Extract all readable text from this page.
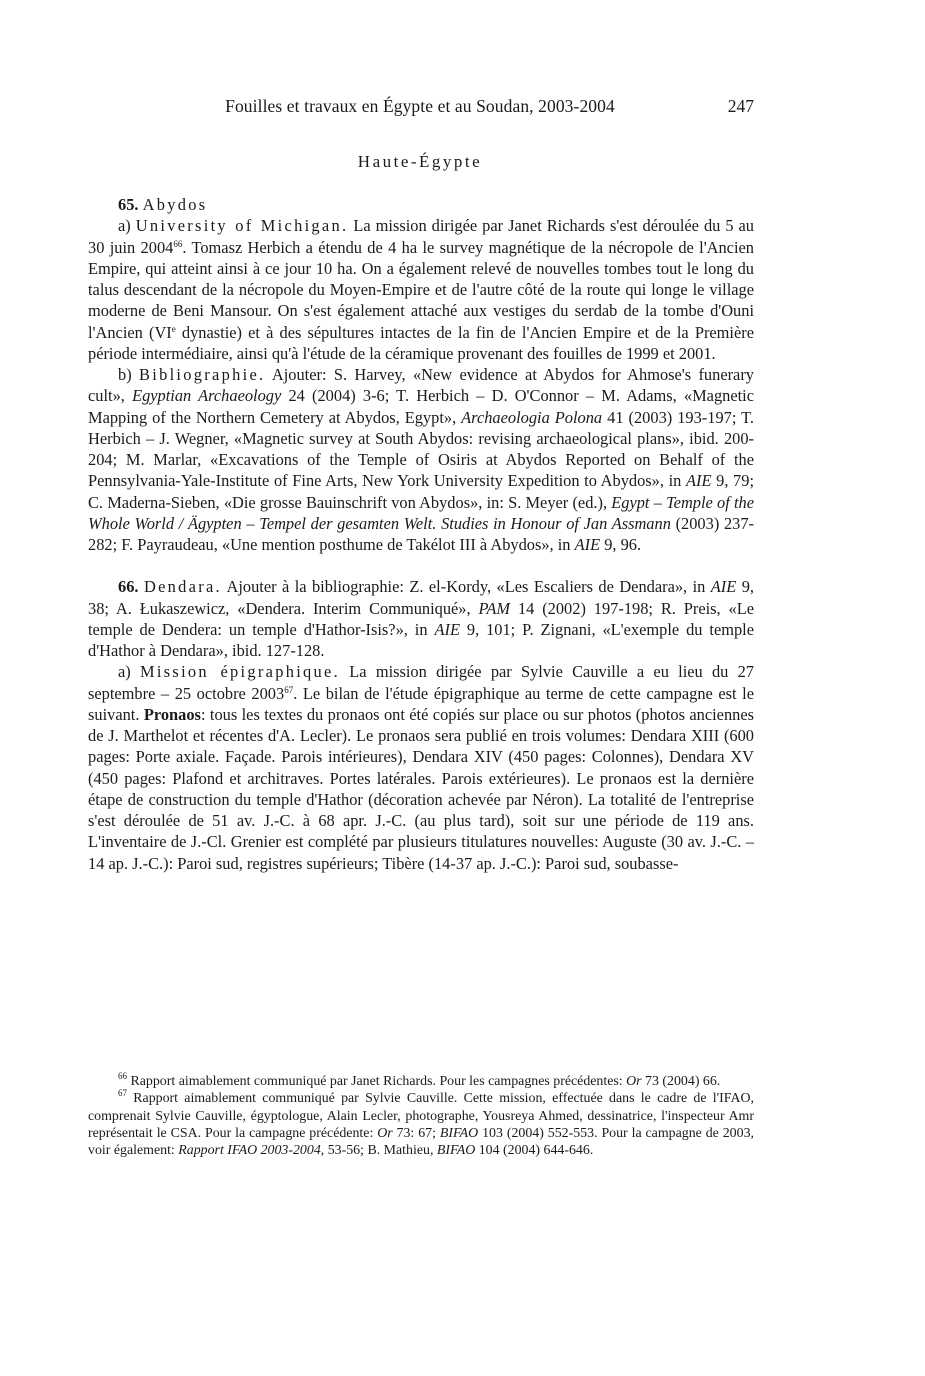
Fouilles et travaux en Égypte et au Soudan, 2003-2004	247
Haute-Égypte

65. Abydos

a) University of Michigan. La mission dirigée par Janet Richards s'est déroulée du 5 au 30 juin 2004$^{66}$. Tomasz Herbich a étendu de 4 ha le survey magnétique de la nécropole de l'Ancien Empire, qui atteint ainsi à ce jour 10 ha. On a également relevé de nouvelles tombes tout le long du talus descendant de la nécropole du Moyen-Empire et de l'autre côté de la route qui longe le village moderne de Beni Mansour. On s'est également attaché aux vestiges du serdab de la tombe d'Ouni l'Ancien (VIe dynastie) et à des sépultures intactes de la fin de l'Ancien Empire et de la Première période intermédiaire, ainsi qu'à l'étude de la céramique provenant des fouilles de 1999 et 2001.

b) Bibliographie. Ajouter: S. Harvey, «New evidence at Abydos for Ahmose's funerary cult», Egyptian Archaeology 24 (2004) 3-6; T. Herbich – D. O'Connor – M. Adams, «Magnetic Mapping of the Northern Cemetery at Abydos, Egypt», Archaeologia Polona 41 (2003) 193-197; T. Herbich – J. Wegner, «Magnetic survey at South Abydos: revising archaeological plans», ibid. 200-204; M. Marlar, «Excavations of the Temple of Osiris at Abydos Reported on Behalf of the Pennsylvania-Yale-Institute of Fine Arts, New York University Expedition to Abydos», in AIE 9, 79; C. Maderna-Sieben, «Die grosse Bauinschrift von Abydos», in: S. Meyer (ed.), Egypt – Temple of the Whole World / Ägypten – Tempel der gesamten Welt. Studies in Honour of Jan Assmann (2003) 237-282; F. Payraudeau, «Une mention posthume de Takélot III à Abydos», in AIE 9, 96.

66. Dendara. Ajouter à la bibliographie: Z. el-Kordy, «Les Escaliers de Dendara», in AIE 9, 38; A. Łukaszewicz, «Dendera. Interim Communiqué», PAM 14 (2002) 197-198; R. Preis, «Le temple de Dendera: un temple d'Hathor-Isis?», in AIE 9, 101; P. Zignani, «L'exemple du temple d'Hathor à Dendara», ibid. 127-128.

a) Mission épigraphique. La mission dirigée par Sylvie Cauville a eu lieu du 27 septembre – 25 octobre 2003$^{67}$. Le bilan de l'étude épigraphique au terme de cette campagne est le suivant. Pronaos: tous les textes du pronaos ont été copiés sur place ou sur photos (photos anciennes de J. Marthelot et récentes d'A. Lecler). Le pronaos sera publié en trois volumes: Dendara XIII (600 pages: Porte axiale. Façade. Parois intérieures), Dendara XIV (450 pages: Colonnes), Dendara XV (450 pages: Plafond et architraves. Portes latérales. Parois extérieures). Le pronaos est la dernière étape de construction du temple d'Hathor (décoration achevée par Néron). La totalité de l'entreprise s'est déroulée de 51 av. J.-C. à 68 apr. J.-C. (au plus tard), soit sur une période de 119 ans. L'inventaire de J.-Cl. Grenier est complété par plusieurs titulatures nouvelles: Auguste (30 av. J.-C. – 14 ap. J.-C.): Paroi sud, registres supérieurs; Tibère (14-37 ap. J.-C.): Paroi sud, soubasse-

$^{66}$ Rapport aimablement communiqué par Janet Richards. Pour les campagnes précédentes: Or 73 (2004) 66.

$^{67}$ Rapport aimablement communiqué par Sylvie Cauville. Cette mission, effectuée dans le cadre de l'IFAO, comprenait Sylvie Cauville, égyptologue, Alain Lecler, photographe, Yousreya Ahmed, dessinatrice, l'inspecteur Amr représentait le CSA. Pour la campagne précédente: Or 73: 67; BIFAO 103 (2004) 552-553. Pour la campagne de 2003, voir également: Rapport IFAO 2003-2004, 53-56; B. Mathieu, BIFAO 104 (2004) 644-646.
